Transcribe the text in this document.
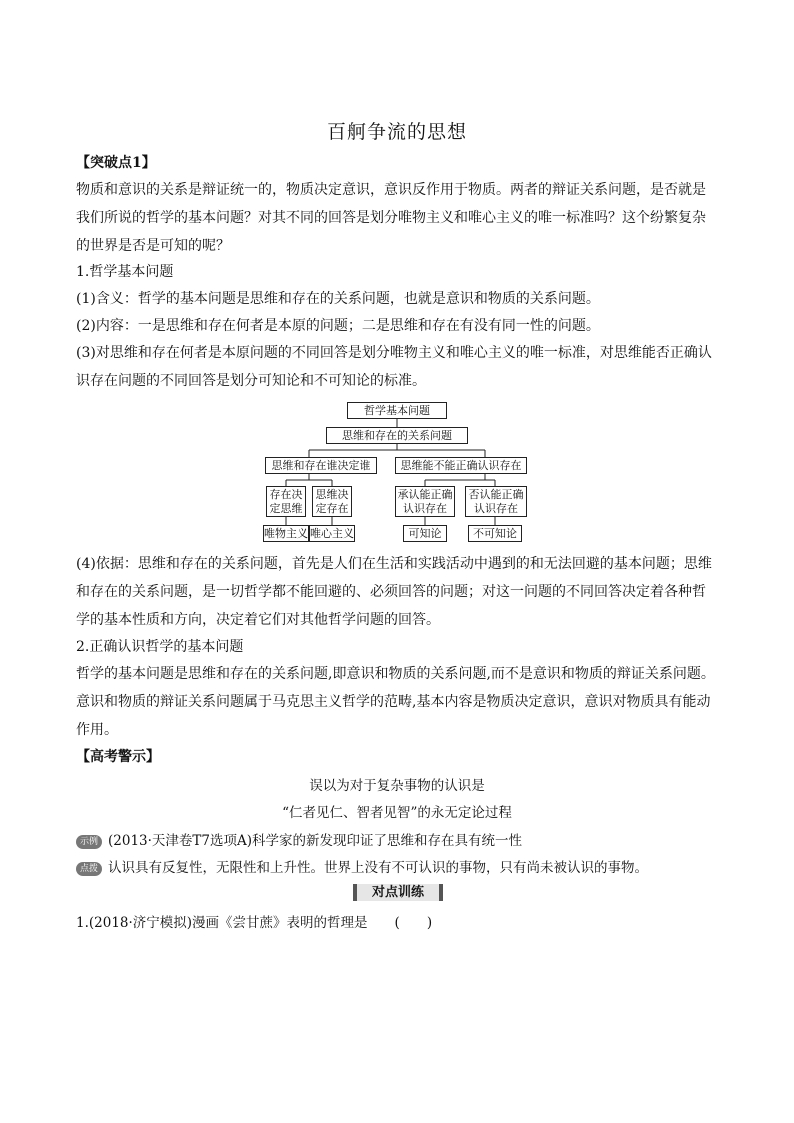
百舸争流的思想
【突破点1】

物质和意识的关系是辩证统一的，物质决定意识，意识反作用于物质。两者的辩证关系问题，是否就是我们所说的哲学的基本问题？对其不同的回答是划分唯物主义和唯心主义的唯一标准吗？这个纷繁复杂的世界是否是可知的呢？

1.哲学基本问题

(1)含义：哲学的基本问题是思维和存在的关系问题，也就是意识和物质的关系问题。

(2)内容：一是思维和存在何者是本原的问题；二是思维和存在有没有同一性的问题。

(3)对思维和存在何者是本原问题的不同回答是划分唯物主义和唯心主义的唯一标准，对思维能否正确认识存在问题的不同回答是划分可知论和不可知论的标准。

哲学基本问题
思维和存在的关系问题
思维和存在谁决定谁	思维能不能正确认识存在
存在决
定思维
思维决
定存在
承认能正确
认识存在
否认能正确
认识存在
唯物主义 唯心主义	可知论	不可知论

(4)依据：思维和存在的关系问题，首先是人们在生活和实践活动中遇到的和无法回避的基本问题；思维和存在的关系问题，是一切哲学都不能回避的、必须回答的问题；对这一问题的不同回答决定着各种哲学的基本性质和方向，决定着它们对其他哲学问题的回答。

2.正确认识哲学的基本问题

哲学的基本问题是思维和存在的关系问题,即意识和物质的关系问题,而不是意识和物质的辩证关系问题。意识和物质的辩证关系问题属于马克思主义哲学的范畴,基本内容是物质决定意识，意识对物质具有能动作用。

【高考警示】
误以为对于复杂事物的认识是
“仁者见仁、智者见智”的永无定论过程
示例 (2013·天津卷T7选项A)科学家的新发现印证了思维和存在具有统一性
点拨 认识具有反复性，无限性和上升性。世界上没有不可认识的事物，只有尚未被认识的事物。
对点训练
1.(2018·济宁模拟)漫画《尝甘蔗》表明的哲理是　　(　　)
